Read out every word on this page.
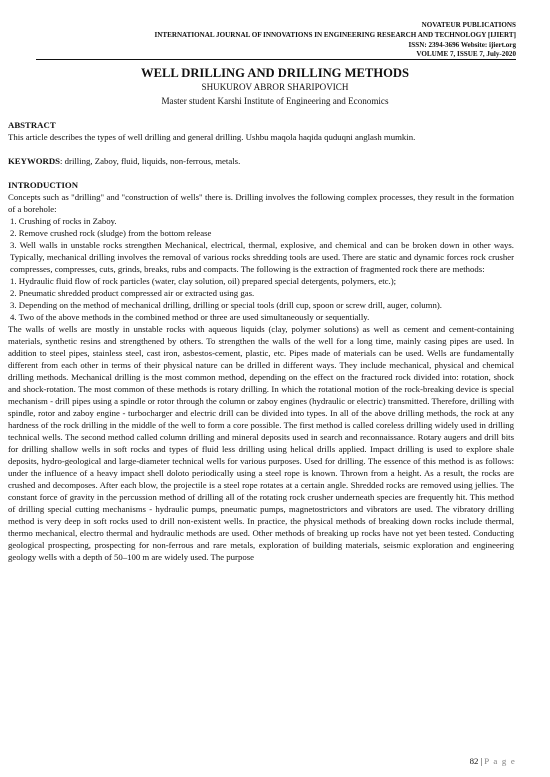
NOVATEUR PUBLICATIONS
INTERNATIONAL JOURNAL OF INNOVATIONS IN ENGINEERING RESEARCH AND TECHNOLOGY [IJIERT]
ISSN: 2394-3696 Website: ijiert.org
VOLUME 7, ISSUE 7, July-2020
WELL DRILLING AND DRILLING METHODS
SHUKUROV ABROR SHARIPOVICH
Master student Karshi Institute of Engineering and Economics

ABSTRACT

This article describes the types of well drilling and general drilling. Ushbu maqola haqida quduqni anglash mumkin.

KEYWORDS: drilling, Zaboy, fluid, liquids, non-ferrous, metals.

INTRODUCTION

Concepts such as "drilling" and "construction of wells" there is. Drilling involves the following complex processes, they result in the formation of a borehole:

1. Crushing of rocks in Zaboy.

2. Remove crushed rock (sludge) from the bottom release

3. Well walls in unstable rocks strengthen Mechanical, electrical, thermal, explosive, and chemical and can be broken down in other ways. Typically, mechanical drilling involves the removal of various rocks shredding tools are used. There are static and dynamic forces rock crusher compresses, compresses, cuts, grinds, breaks, rubs and compacts. The following is the extraction of fragmented rock there are methods:

1. Hydraulic fluid flow of rock particles (water, clay solution, oil) prepared special detergents, polymers, etc.);

2. Pneumatic shredded product compressed air or extracted using gas.

3. Depending on the method of mechanical drilling, drilling or special tools (drill cup, spoon or screw drill, auger, column).

4. Two of the above methods in the combined method or three are used simultaneously or sequentially.

The walls of wells are mostly in unstable rocks with aqueous liquids (clay, polymer solutions) as well as cement and cement-containing materials, synthetic resins and strengthened by others. To strengthen the walls of the well for a long time, mainly casing pipes are used. In addition to steel pipes, stainless steel, cast iron, asbestos-cement, plastic, etc. Pipes made of materials can be used. Wells are fundamentally different from each other in terms of their physical nature can be drilled in different ways. They include mechanical, physical and chemical drilling methods. Mechanical drilling is the most common method, depending on the effect on the fractured rock divided into: rotation, shock and shock-rotation. The most common of these methods is rotary drilling. In which the rotational motion of the rock-breaking device is special mechanism - drill pipes using a spindle or rotor through the column or zaboy engines (hydraulic or electric) transmitted. Therefore, drilling with spindle, rotor and zaboy engine - turbocharger and electric drill can be divided into types. In all of the above drilling methods, the rock at any hardness of the rock drilling in the middle of the well to form a core possible. The first method is called coreless drilling widely used in drilling technical wells. The second method called column drilling and mineral deposits used in search and reconnaissance. Rotary augers and drill bits for drilling shallow wells in soft rocks and types of fluid less drilling using helical drills applied. Impact drilling is used to explore shale deposits, hydro-geological and large-diameter technical wells for various purposes. Used for drilling. The essence of this method is as follows: under the influence of a heavy impact shell doloto periodically using a steel rope is known. Thrown from a height. As a result, the rocks are crushed and decomposes. After each blow, the projectile is a steel rope rotates at a certain angle. Shredded rocks are removed using jellies. The constant force of gravity in the percussion method of drilling all of the rotating rock crusher underneath species are frequently hit. This method of drilling special cutting mechanisms - hydraulic pumps, pneumatic pumps, magnetostrictors and vibrators are used. The vibratory drilling method is very deep in soft rocks used to drill non-existent wells. In practice, the physical methods of breaking down rocks include thermal, thermo mechanical, electro thermal and hydraulic methods are used. Other methods of breaking up rocks have not yet been tested. Conducting geological prospecting, prospecting for non-ferrous and rare metals, exploration of building materials, seismic exploration and engineering geology wells with a depth of 50–100 m are widely used. The purpose

82 | P a g e
